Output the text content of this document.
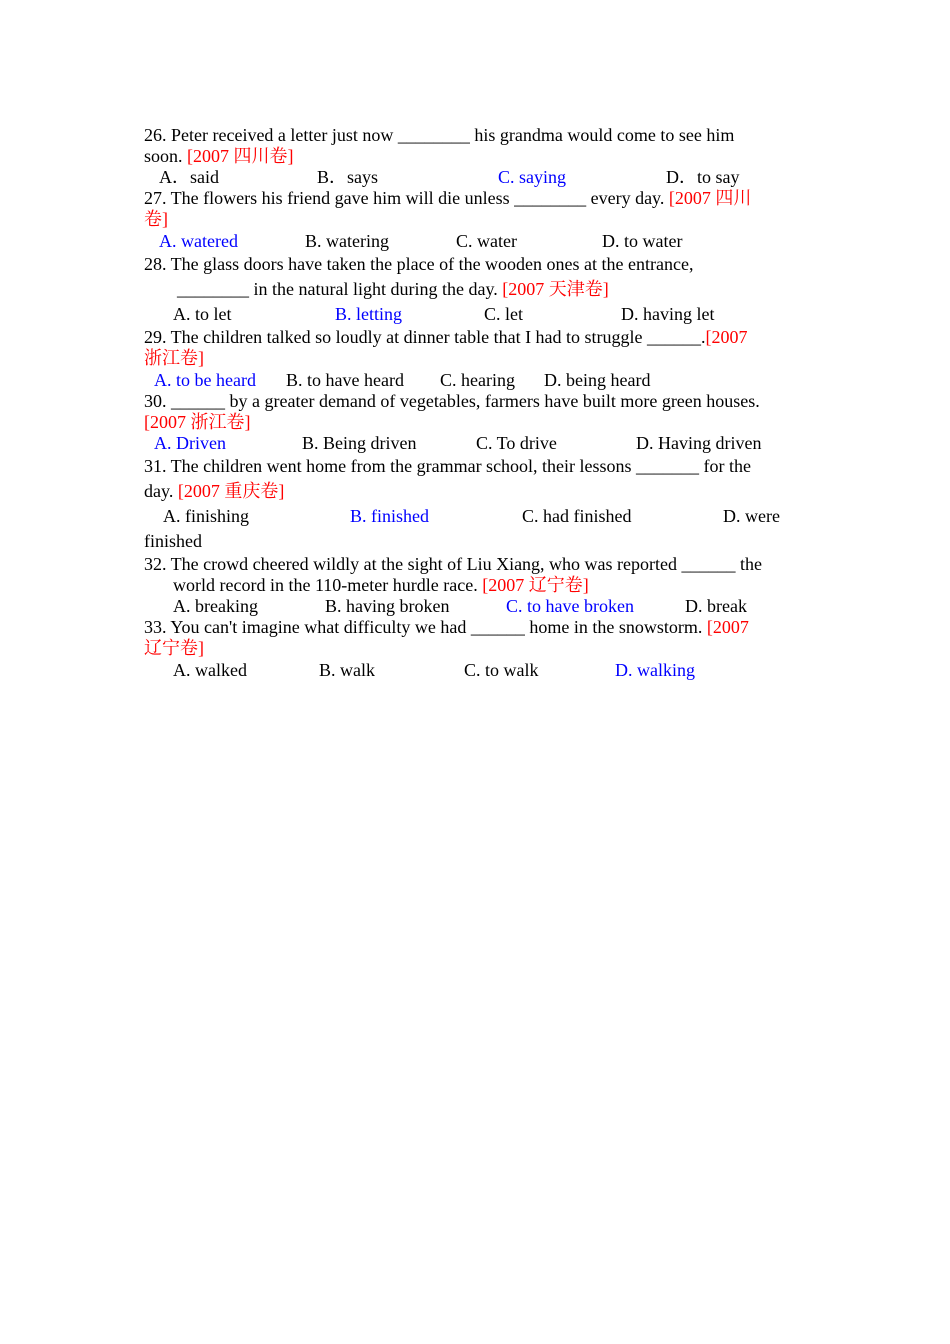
26. Peter received a letter just now ________ his grandma would come to see him
soon. [2007 四川卷]
A．said	B．says	C. saying	D．to say
27. The flowers his friend gave him will die unless ________ every day. [2007 四川
卷]
A. watered	B. watering	C. water	D. to water
28. The glass doors have taken the place of the wooden ones at the entrance,
________ in the natural light during the day. [2007 天津卷]
A. to let	B. letting	C. let	D. having let
29. The children talked so loudly at dinner table that I had to struggle ______.[2007
浙江卷]
A. to be heard B. to have heard C. hearing D. being heard
30. ______ by a greater demand of vegetables, farmers have built more green houses.
[2007 浙江卷]
A. Driven	B. Being driven	C. To drive	D. Having driven
31. The children went home from the grammar school, their lessons _______ for the
day. [2007 重庆卷]
A. finishing	B. finished	C. had finished	D. were
finished
32. The crowd cheered wildly at the sight of Liu Xiang, who was reported ______ the
world record in the 110-meter hurdle race. [2007 辽宁卷]
A. breaking	B. having broken	C. to have broken	D. break
33. You can't imagine what difficulty we had ______ home in the snowstorm. [2007
辽宁卷]
A. walked	B. walk	C. to walk	D. walking
